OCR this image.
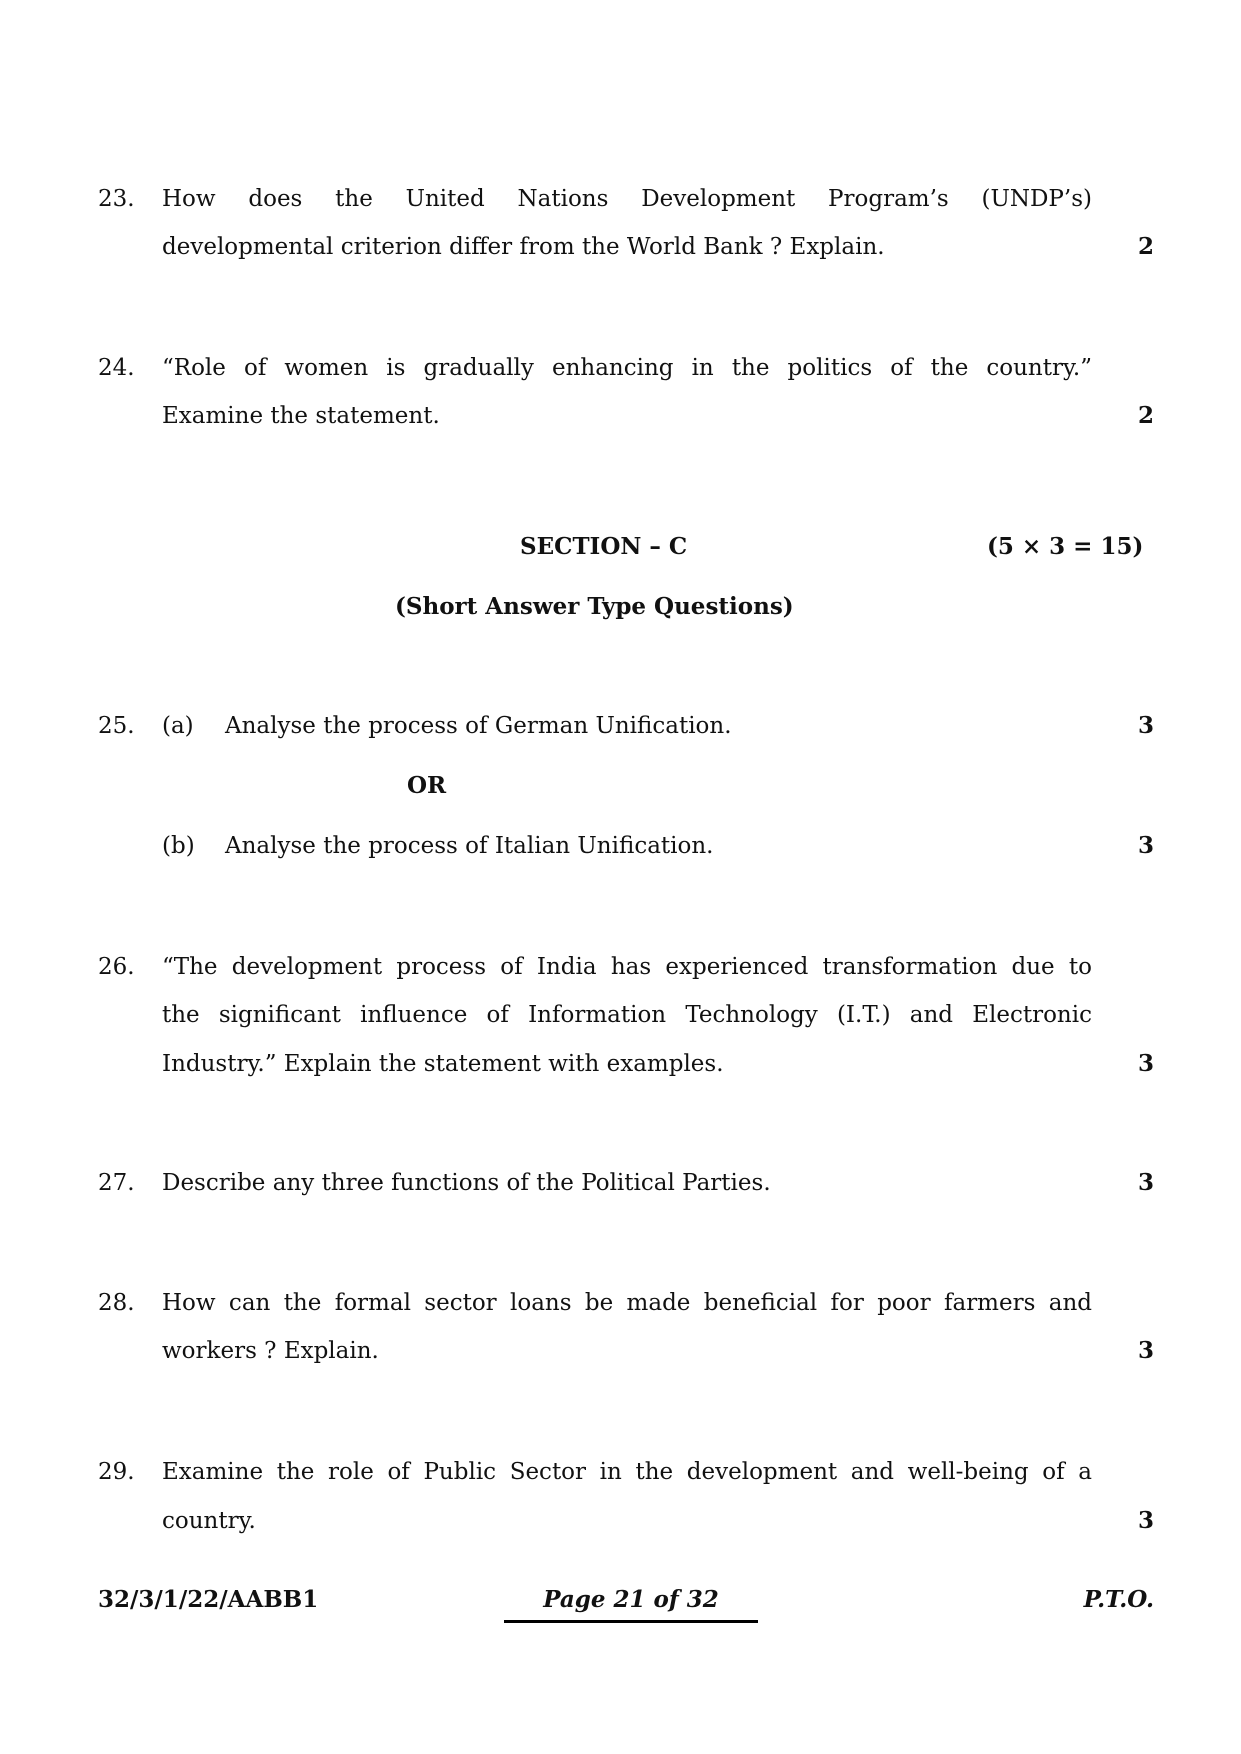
23. How does the United Nations Development Program’s (UNDP’s)
developmental criterion differ from the World Bank ? Explain.	2
24. “Role of women is gradually enhancing in the politics of the country.”
Examine the statement.	2
SECTION – C	(5 × 3 = 15)
(Short Answer Type Questions)
25. (a) Analyse the process of German Unification.	3
OR
(b) Analyse the process of Italian Unification.	3
26. “The development process of India has experienced transformation due to
the significant influence of Information Technology (I.T.) and Electronic
Industry.” Explain the statement with examples.	3
27. Describe any three functions of the Political Parties.	3
28. How can the formal sector loans be made beneficial for poor farmers and
workers ? Explain.	3
29. Examine the role of Public Sector in the development and well-being of a
country.	3
32/3/1/22/AABB1	Page 21 of 32	P.T.O.
